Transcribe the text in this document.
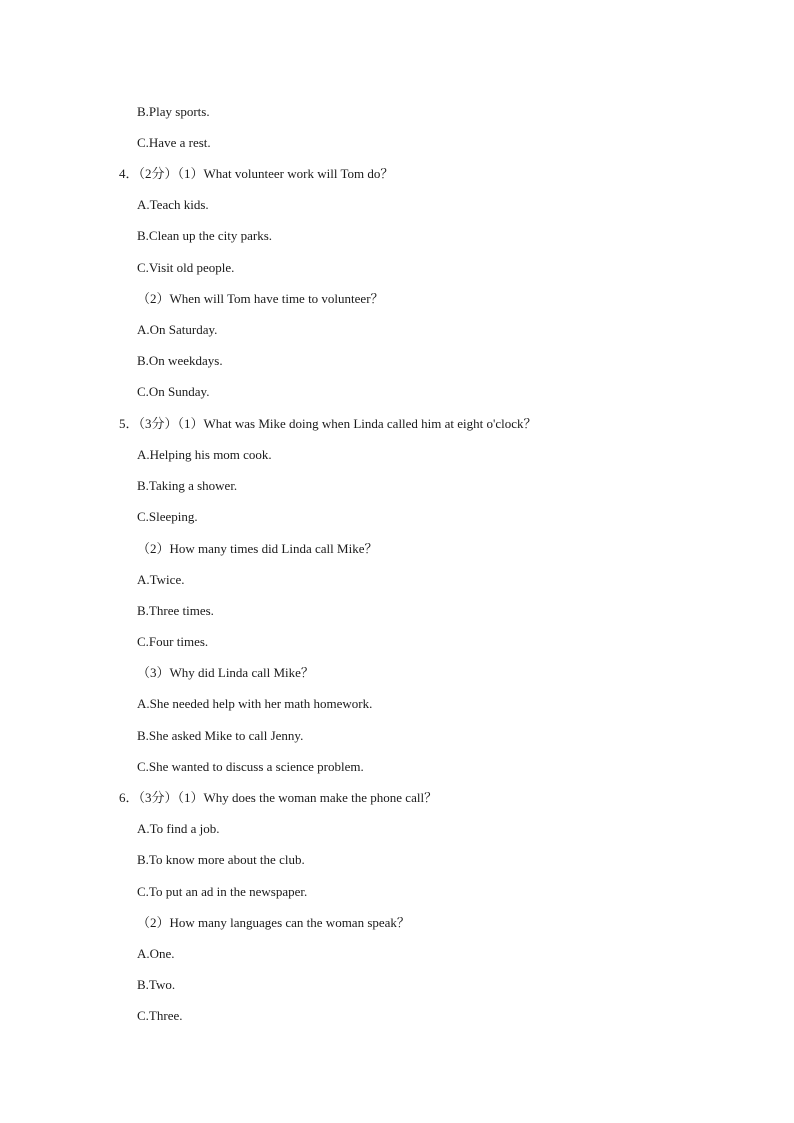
B.Play sports.
C.Have a rest.
4．（2分）（1）What volunteer work will Tom do？
A.Teach kids.
B.Clean up the city parks.
C.Visit old people.
（2）When will Tom have time to volunteer？
A.On Saturday.
B.On weekdays.
C.On Sunday.
5．（3分）（1）What was Mike doing when Linda called him at eight o'clock？
A.Helping his mom cook.
B.Taking a shower.
C.Sleeping.
（2）How many times did Linda call Mike？
A.Twice.
B.Three times.
C.Four times.
（3）Why did Linda call Mike？
A.She needed help with her math homework.
B.She asked Mike to call Jenny.
C.She wanted to discuss a science problem.
6．（3分）（1）Why does the woman make the phone call？
A.To find a job.
B.To know more about the club.
C.To put an ad in the newspaper.
（2）How many languages can the woman speak？
A.One.
B.Two.
C.Three.
